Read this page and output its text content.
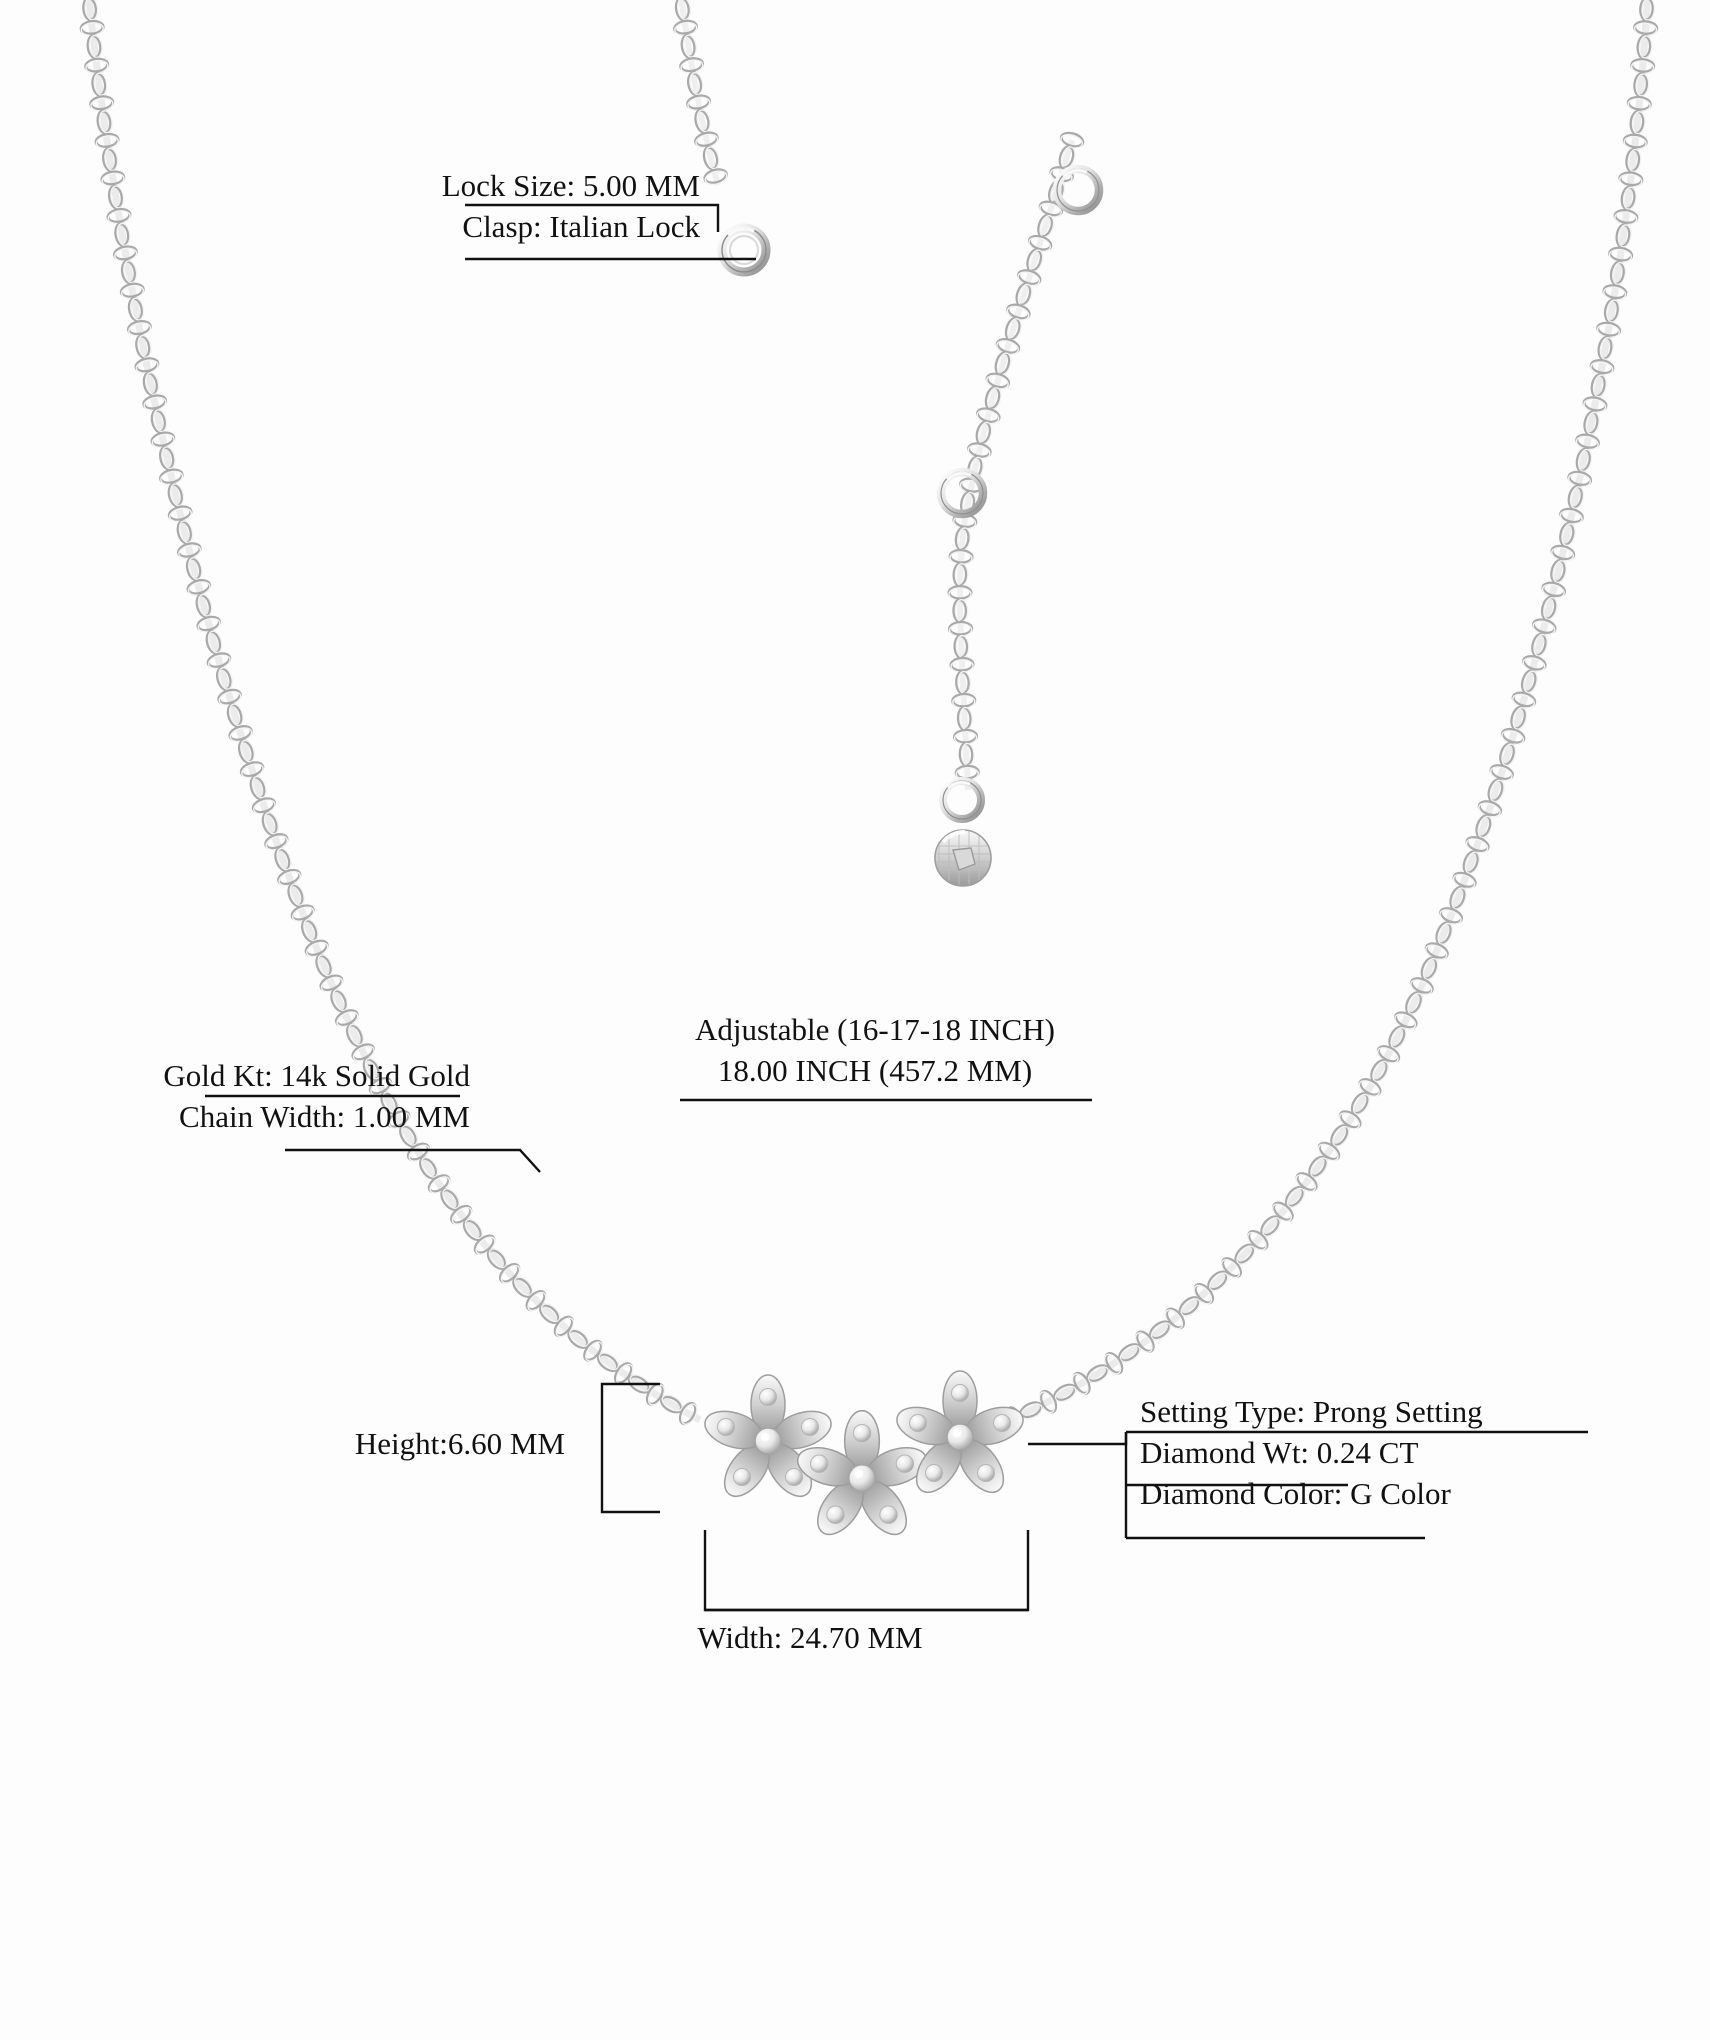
Lock Size: 5.00 MM
Clasp: Italian Lock
Gold Kt: 14k Solid Gold
Chain Width: 1.00 MM
Adjustable (16-17-18 INCH)
18.00 INCH (457.2 MM)
Setting Type: Prong Setting
Diamond Wt: 0.24 CT
Diamond Color: G Color
Height:6.60 MM
Width: 24.70 MM
